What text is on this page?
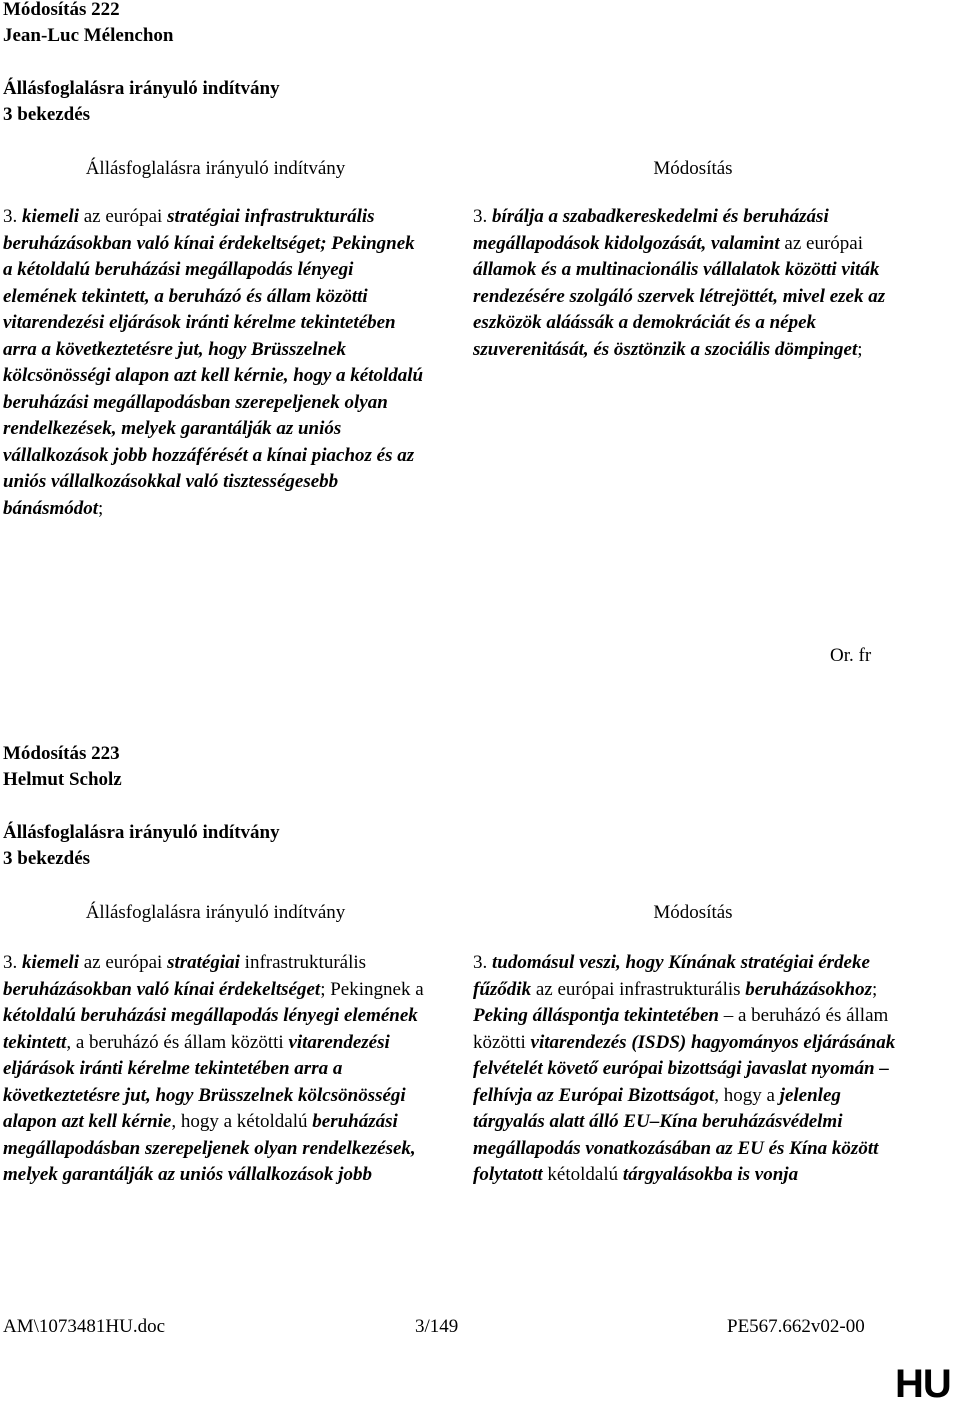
Módosítás 222
Jean-Luc Mélenchon
Állásfoglalásra irányuló indítvány
3 bekezdés
Állásfoglalásra irányuló indítvány	Módosítás

3. kiemeli az európai stratégiai infrastrukturális beruházásokban való kínai érdekeltséget; Pekingnek a kétoldalú beruházási megállapodás lényegi elemének tekintett, a beruházó és állam közötti vitarendezési eljárások iránti kérelme tekintetében arra a következtetésre jut, hogy Brüsszelnek kölcsönösségi alapon azt kell kérnie, hogy a kétoldalú beruházási megállapodásban szerepeljenek olyan rendelkezések, melyek garantálják az uniós vállalkozások jobb hozzáférését a kínai piachoz és az uniós vállalkozásokkal való tisztességesebb bánásmódot;

3. bírálja a szabadkereskedelmi és beruházási megállapodások kidolgozását, valamint az európai államok és a multinacionális vállalatok közötti viták rendezésére szolgáló szervek létrejöttét, mivel ezek az eszközök aláássák a demokráciát és a népek szuverenitását, és ösztönzik a szociális dömpinget;

Or. fr
Módosítás 223
Helmut Scholz
Állásfoglalásra irányuló indítvány
3 bekezdés
Állásfoglalásra irányuló indítvány	Módosítás

3. kiemeli az európai stratégiai infrastrukturális beruházásokban való kínai érdekeltséget; Pekingnek a kétoldalú beruházási megállapodás lényegi elemének tekintett, a beruházó és állam közötti vitarendezési eljárások iránti kérelme tekintetében arra a következtetésre jut, hogy Brüsszelnek kölcsönösségi alapon azt kell kérnie, hogy a kétoldalú beruházási megállapodásban szerepeljenek olyan rendelkezések, melyek garantálják az uniós vállalkozások jobb

3. tudomásul veszi, hogy Kínának stratégiai érdeke fűződik az európai infrastrukturális beruházásokhoz; Peking álláspontja tekintetében – a beruházó és állam közötti vitarendezés (ISDS) hagyományos eljárásának felvételét követő európai bizottsági javaslat nyomán – felhívja az Európai Bizottságot, hogy a jelenleg tárgyalás alatt álló EU–Kína beruházásvédelmi megállapodás vonatkozásában az EU és Kína között folytatott kétoldalú tárgyalásokba is vonja

AM\1073481HU.doc	3/149	PE567.662v02-00
HU
